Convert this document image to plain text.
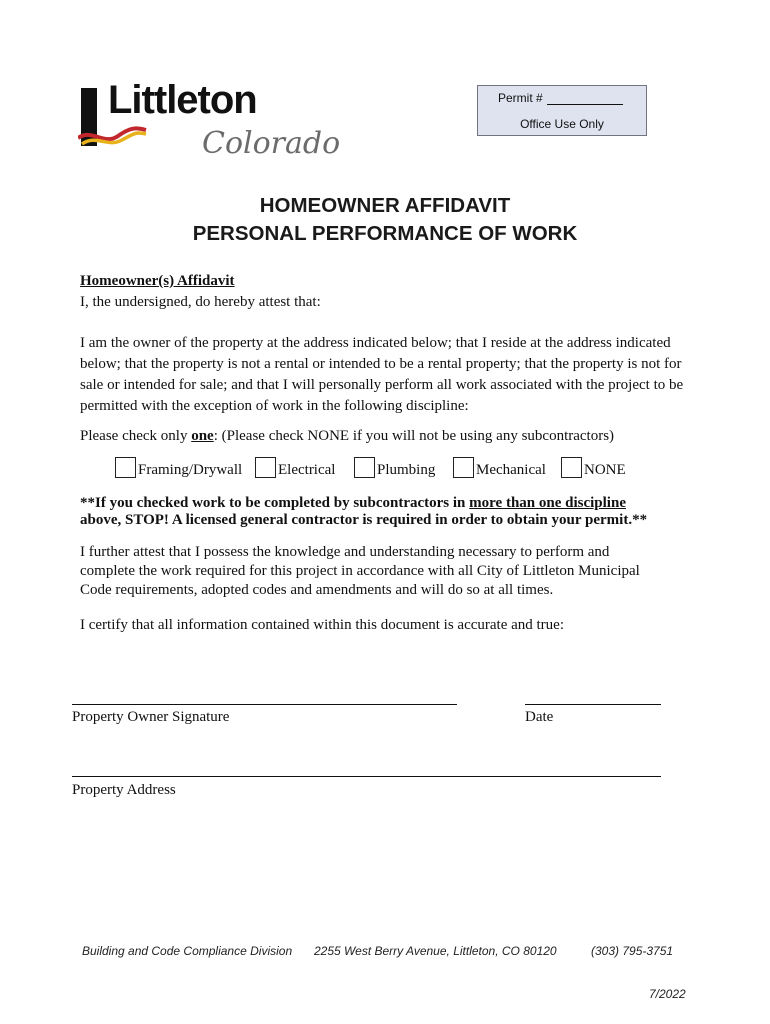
Littleton
Colorado
Permit #
Office Use Only
HOMEOWNER AFFIDAVIT
PERSONAL PERFORMANCE OF WORK
Homeowner(s) Affidavit
I, the undersigned, do hereby attest that:
I am the owner of the property at the address indicated below; that I reside at the address indicated
below; that the property is not a rental or intended to be a rental property; that the property is not for
sale or intended for sale; and that I will personally perform all work associated with the project to be
permitted with the exception of work in the following discipline:
Please check only one: (Please check NONE if you will not be using any subcontractors)
Framing/Drywall Electrical	Plumbing	Mechanical	NONE
**If you checked work to be completed by subcontractors in more than one discipline
above, STOP! A licensed general contractor is required in order to obtain your permit.**
I further attest that I possess the knowledge and understanding necessary to perform and
complete the work required for this project in accordance with all City of Littleton Municipal
Code requirements, adopted codes and amendments and will do so at all times.
I certify that all information contained within this document is accurate and true:
Property Owner Signature	Date
Property Address
Building and Code Compliance Division 2255 West Berry Avenue, Littleton, CO 80120	(303) 795-3751
7/2022
